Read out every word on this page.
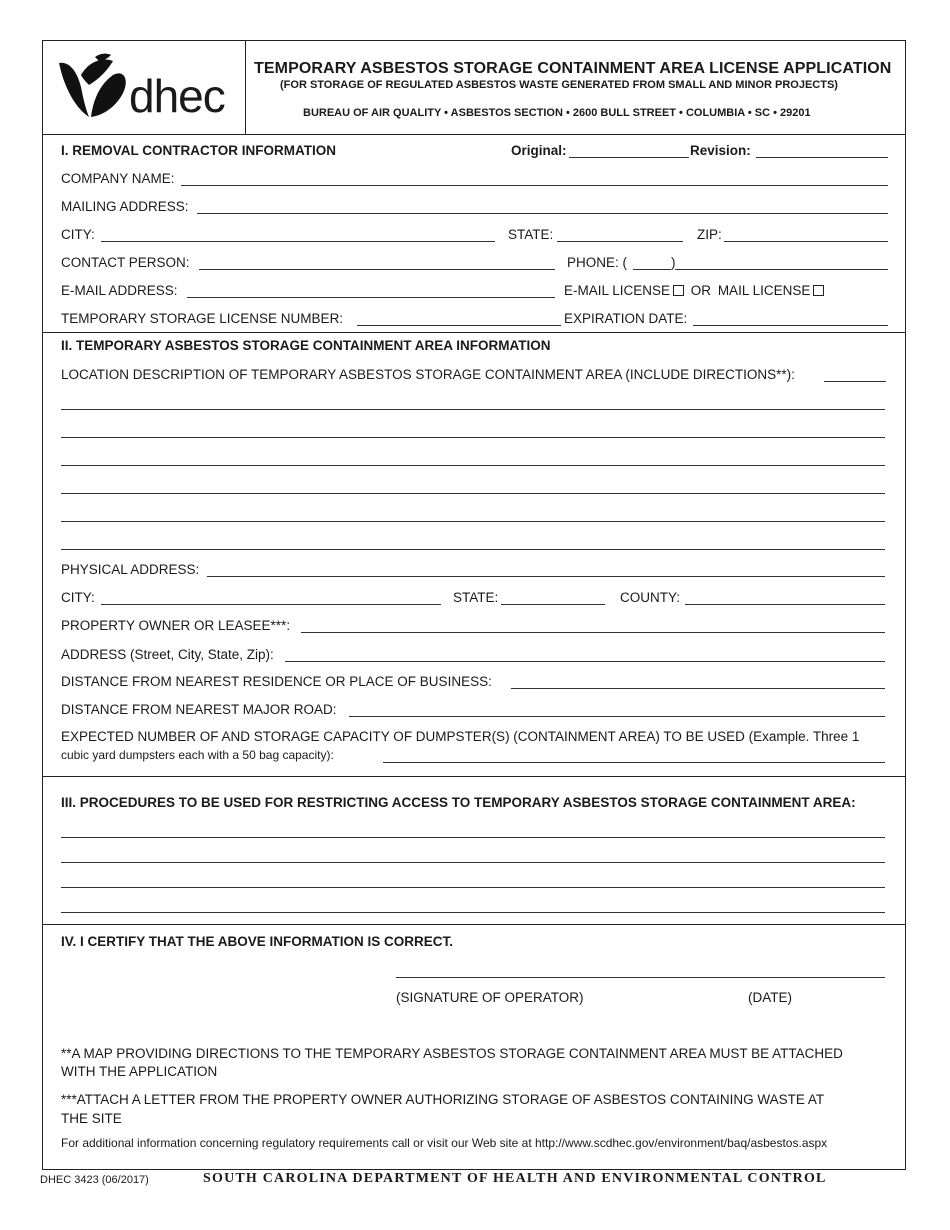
dhec
TEMPORARY ASBESTOS STORAGE CONTAINMENT AREA LICENSE APPLICATION
(FOR STORAGE OF REGULATED ASBESTOS WASTE GENERATED FROM SMALL AND MINOR PROJECTS)
BUREAU OF AIR QUALITY • ASBESTOS SECTION • 2600 BULL STREET • COLUMBIA • SC • 29201
I. REMOVAL CONTRACTOR INFORMATION	Original:	Revision:
COMPANY NAME:
MAILING ADDRESS:
CITY:	STATE:	ZIP:
CONTACT PERSON:	PHONE: (	)
E-MAIL ADDRESS:	E-MAIL LICENSE OR MAIL LICENSE
TEMPORARY STORAGE LICENSE NUMBER:	EXPIRATION DATE:
II. TEMPORARY ASBESTOS STORAGE CONTAINMENT AREA INFORMATION
LOCATION DESCRIPTION OF TEMPORARY ASBESTOS STORAGE CONTAINMENT AREA (INCLUDE DIRECTIONS**):
PHYSICAL ADDRESS:
CITY:	STATE:	COUNTY:
PROPERTY OWNER OR LEASEE***:
ADDRESS (Street, City, State, Zip):
DISTANCE FROM NEAREST RESIDENCE OR PLACE OF BUSINESS:
DISTANCE FROM NEAREST MAJOR ROAD:
EXPECTED NUMBER OF AND STORAGE CAPACITY OF DUMPSTER(S) (CONTAINMENT AREA) TO BE USED (Example. Three 1
cubic yard dumpsters each with a 50 bag capacity):
III. PROCEDURES TO BE USED FOR RESTRICTING ACCESS TO TEMPORARY ASBESTOS STORAGE CONTAINMENT AREA:
IV. I CERTIFY THAT THE ABOVE INFORMATION IS CORRECT.
(SIGNATURE OF OPERATOR)	(DATE)
**A MAP PROVIDING DIRECTIONS TO THE TEMPORARY ASBESTOS STORAGE CONTAINMENT AREA MUST BE ATTACHED
WITH THE APPLICATION
***ATTACH A LETTER FROM THE PROPERTY OWNER AUTHORIZING STORAGE OF ASBESTOS CONTAINING WASTE AT
THE SITE
For additional information concerning regulatory requirements call or visit our Web site at http://www.scdhec.gov/environment/baq/asbestos.aspx
DHEC 3423 (06/2017)	SOUTH CAROLINA DEPARTMENT OF HEALTH AND ENVIRONMENTAL CONTROL
